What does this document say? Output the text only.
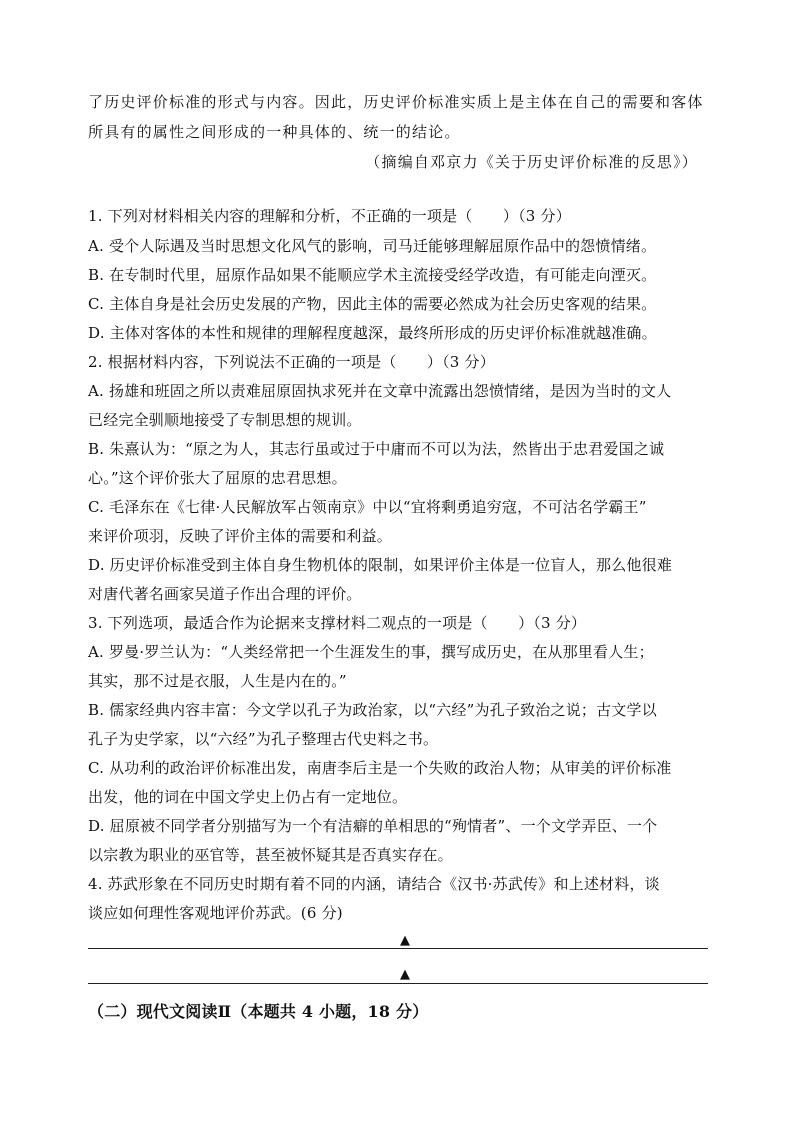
了历史评价标准的形式与内容。因此，历史评价标准实质上是主体在自己的需要和客体
所具有的属性之间形成的一种具体的、统一的结论。
（摘编自邓京力《关于历史评价标准的反思》）
1. 下列对材料相关内容的理解和分析，不正确的一项是（　　）（3 分）
A. 受个人际遇及当时思想文化风气的影响，司马迁能够理解屈原作品中的怨愤情绪。
B. 在专制时代里，屈原作品如果不能顺应学术主流接受经学改造，有可能走向湮灭。
C. 主体自身是社会历史发展的产物，因此主体的需要必然成为社会历史客观的结果。
D. 主体对客体的本性和规律的理解程度越深，最终所形成的历史评价标准就越准确。
2. 根据材料内容，下列说法不正确的一项是（　　）（3 分）
A. 扬雄和班固之所以责难屈原固执求死并在文章中流露出怨愤情绪，是因为当时的文人
已经完全驯顺地接受了专制思想的规训。
B. 朱熹认为：“原之为人，其志行虽或过于中庸而不可以为法，然皆出于忠君爱国之诚
心。”这个评价张大了屈原的忠君思想。
C. 毛泽东在《七律·人民解放军占领南京》中以“宜将剩勇追穷寇，不可沽名学霸王”
来评价项羽，反映了评价主体的需要和利益。
D. 历史评价标准受到主体自身生物机体的限制，如果评价主体是一位盲人，那么他很难
对唐代著名画家吴道子作出合理的评价。
3. 下列选项，最适合作为论据来支撑材料二观点的一项是（　　）（3 分）
A. 罗曼·罗兰认为：“人类经常把一个生涯发生的事，撰写成历史，在从那里看人生；
其实，那不过是衣服，人生是内在的。”
B. 儒家经典内容丰富：今文学以孔子为政治家，以“六经”为孔子致治之说；古文学以
孔子为史学家，以“六经”为孔子整理古代史料之书。
C. 从功利的政治评价标准出发，南唐李后主是一个失败的政治人物；从审美的评价标准
出发，他的词在中国文学史上仍占有一定地位。
D. 屈原被不同学者分别描写为一个有洁癖的单相思的“殉情者”、一个文学弄臣、一个
以宗教为职业的巫官等，甚至被怀疑其是否真实存在。
4. 苏武形象在不同历史时期有着不同的内涵，请结合《汉书·苏武传》和上述材料，谈
谈应如何理性客观地评价苏武。(6 分)
▲
▲
（二）现代文阅读Ⅱ（本题共 4 小题，18 分）
